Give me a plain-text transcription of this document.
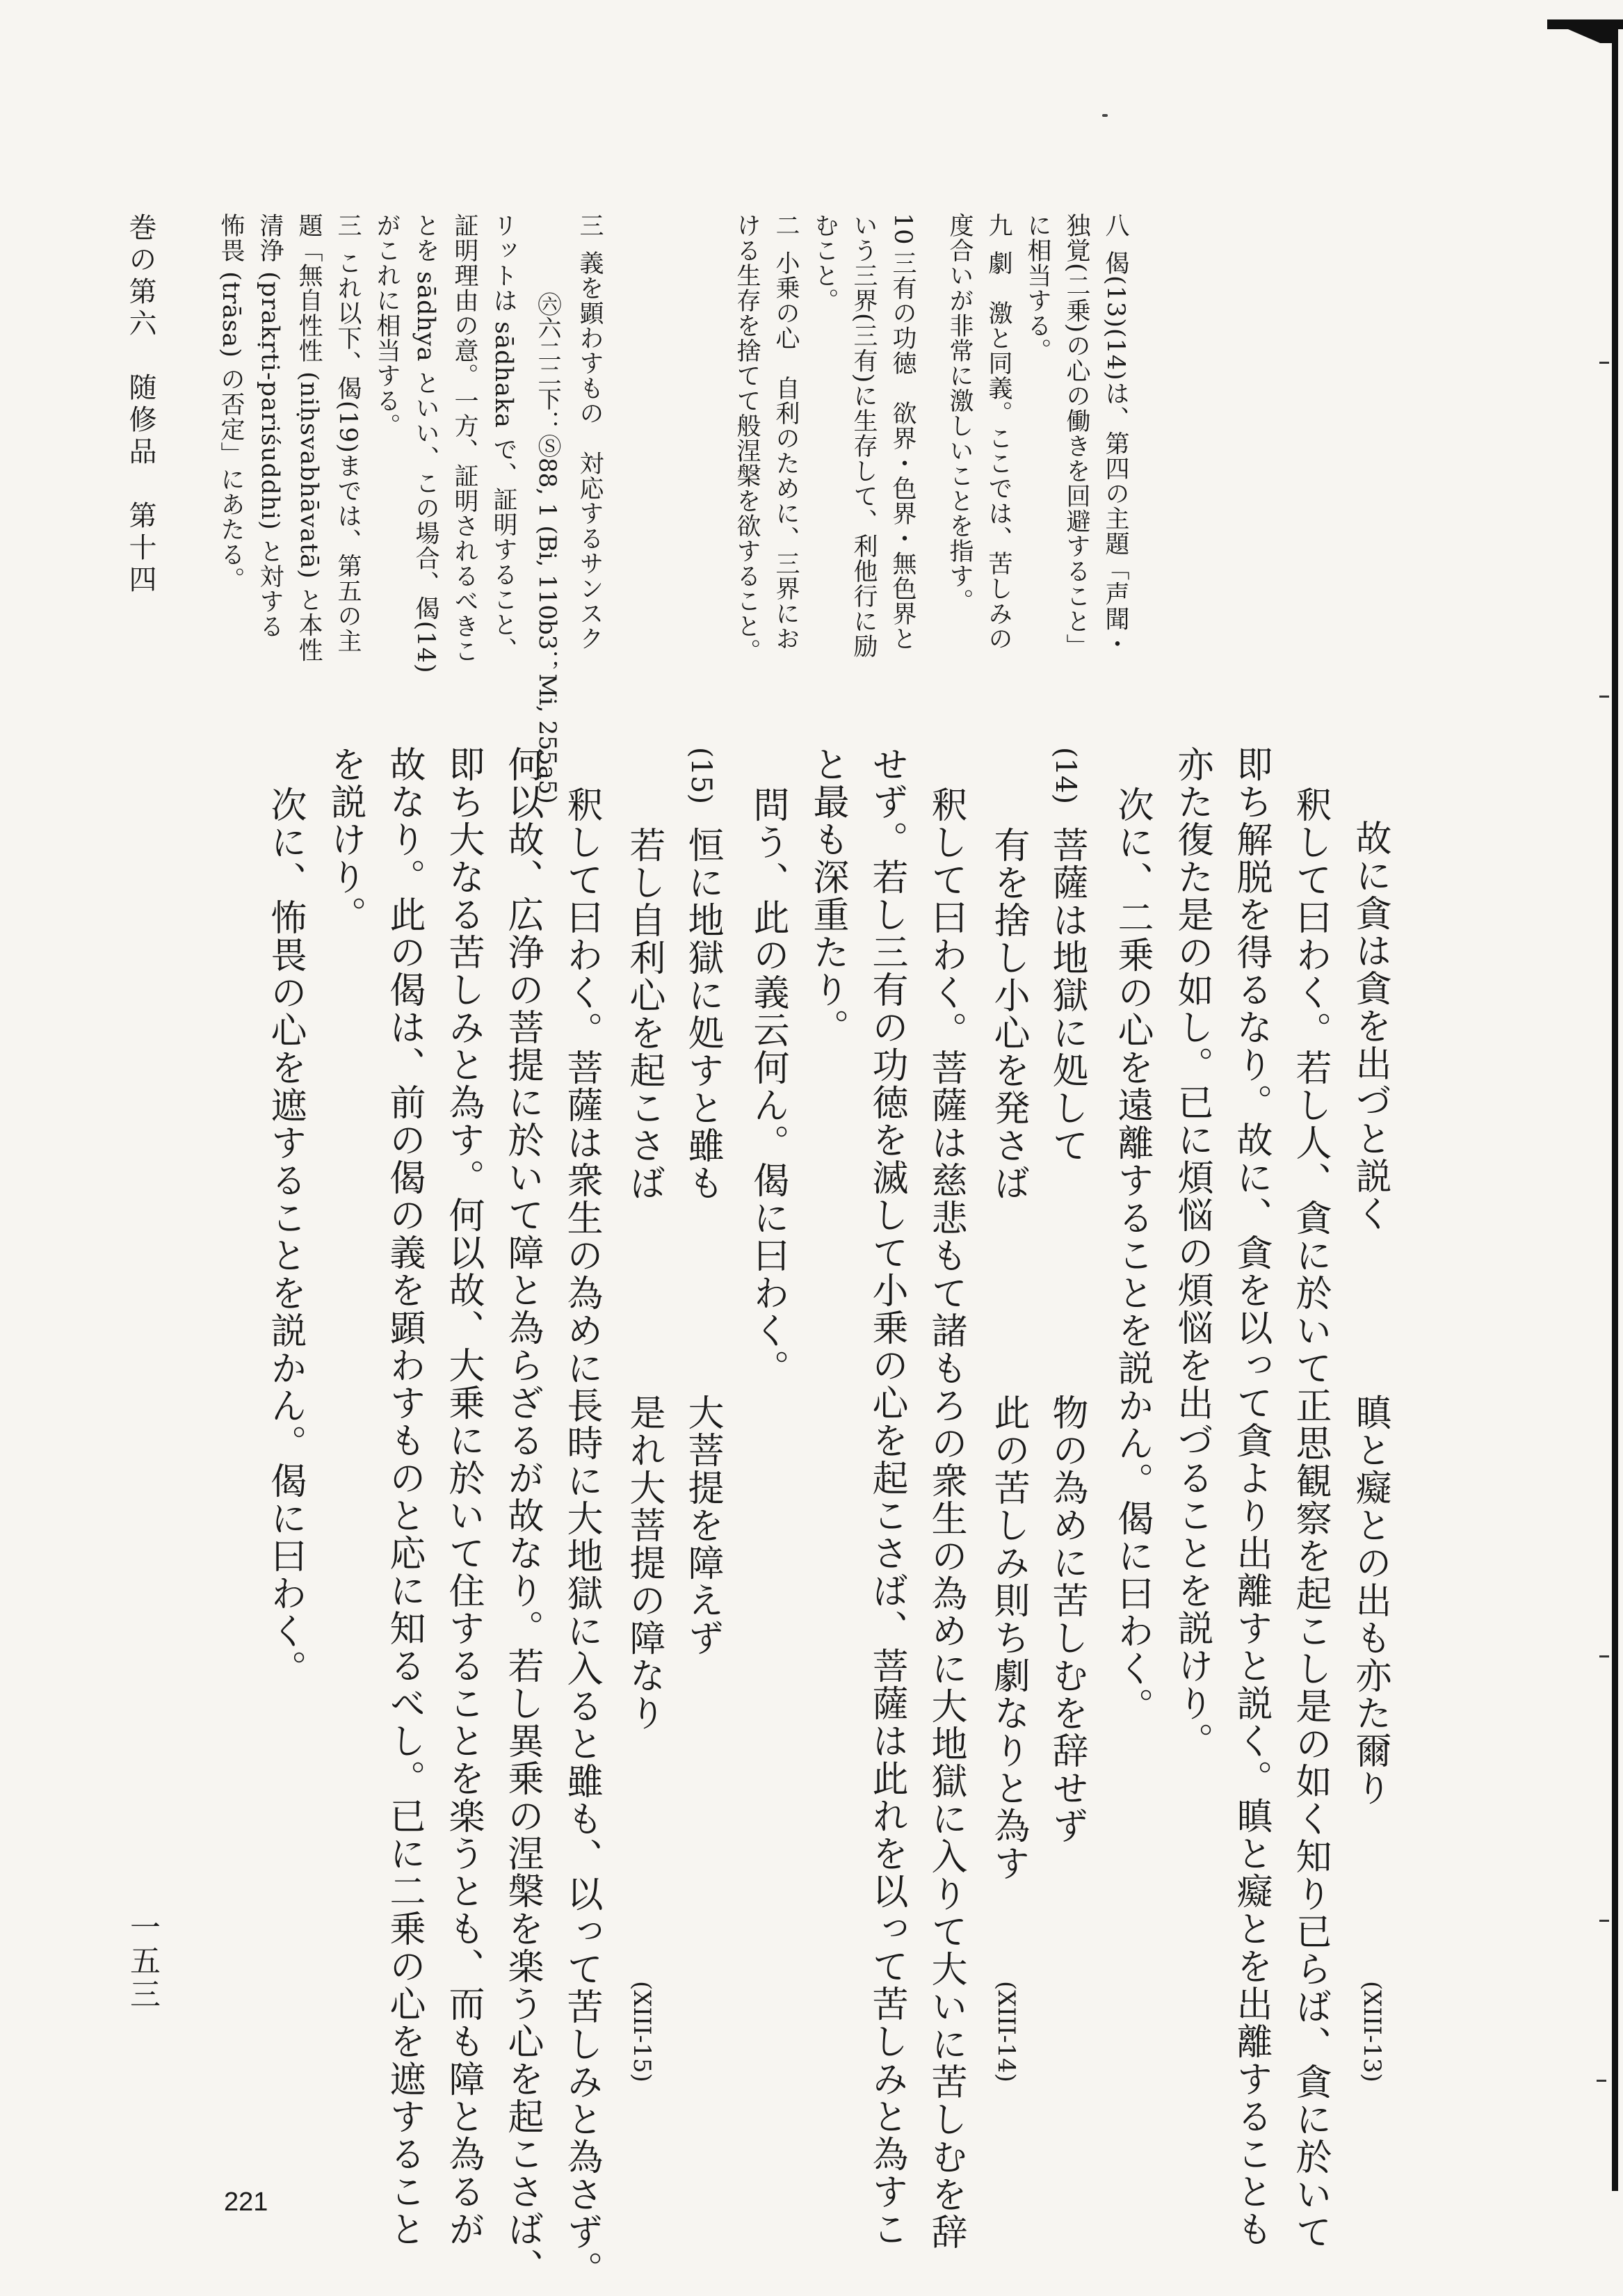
故に貪は貪を出づと説く
瞋と癡との出も亦た爾り
(XIII-13)
釈して曰わく。若し人、貪に於いて正思観察を起こし是の如く知り已らば、貪に於いて
即ち解脱を得るなり。故に、貪を以って貪より出離すと説く。瞋と癡とを出離することも
亦た復た是の如し。已に煩悩の煩悩を出づることを説けり。
次に、二乗の心を遠離することを説かん。偈に曰わく。
(14)
菩薩は地獄に処して
物の為めに苦しむを辞せず
有を捨し小心を発さば
此の苦しみ則ち劇なりと為す
(XIII-14)
釈して曰わく。菩薩は慈悲もて諸もろの衆生の為めに大地獄に入りて大いに苦しむを辞
せず。若し三有の功徳を滅して小乗の心を起こさば、菩薩は此れを以って苦しみと為すこ
と最も深重たり。
問う、此の義云何ん。偈に曰わく。
(15)
恒に地獄に処すと雖も
大菩提を障えず
若し自利心を起こさば
是れ大菩提の障なり
(XIII-15)
釈して曰わく。菩薩は衆生の為めに長時に大地獄に入ると雖も、以って苦しみと為さず。
何以故、広浄の菩提に於いて障と為らざるが故なり。若し異乗の涅槃を楽う心を起こさば、
即ち大なる苦しみと為す。何以故、大乗に於いて住することを楽うとも、而も障と為るが
故なり。此の偈は、前の偈の義を顕わすものと応に知るべし。已に二乗の心を遮すること
を説けり。
次に、怖畏の心を遮することを説かん。偈に曰わく。
八
偈(13)(14)は、第四の主題「声聞・
独覚(二乗)の心の働きを回避すること」
に相当する。
九
劇　激と同義。ここでは、苦しみの
度合いが非常に激しいことを指す。
10
三有の功徳　欲界・色界・無色界と
いう三界(三有)に生存して、利他行に励
むこと。
二
小乗の心　自利のために、三界にお
ける生存を捨てて般涅槃を欲すること。
三
義を顕わすもの　対応するサンスク
㊅六二二下：Ⓢ88, 1 (Bi, 110b3；Mi, 255a5)
リットは sādhaka で、証明すること、
証明理由の意。一方、証明されるべきこ
とを sādhya といい、この場合、偈(14)
がこれに相当する。
三
これ以下、偈(19)までは、第五の主
題「無自性性 (niḥsvabhāvatā) と本性
清浄 (prakṛti-pariśuddhi) と対する
怖畏 (trāsa) の否定」にあたる。
巻の第六　随修品　第十四
一五三
221
